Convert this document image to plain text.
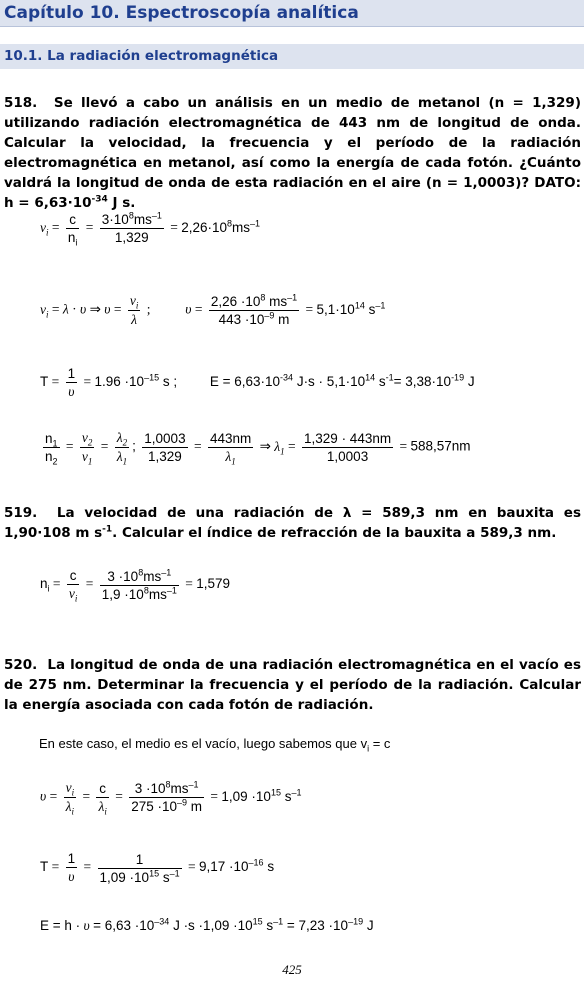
Capítulo 10. Espectroscopía analítica
10.1. La radiación electromagnética
518. Se llevó a cabo un análisis en un medio de metanol (n = 1,329) utilizando radiación electromagnética de 443 nm de longitud de onda. Calcular la velocidad, la frecuencia y el período de la radiación electromagnética en metanol, así como la energía de cada fotón. ¿Cuánto valdrá la longitud de onda de esta radiación en el aire (n = 1,0003)? DATO: $h = 6,63\cdot 10^{-34}$ J s.
$v_i = \frac{c}{n_i} = \frac{3\cdot 10^8ms^{-1}}{1,329} = 2,26\cdot 10^8ms^{-1}$
$v_i = \lambda \cdot \upsilon$ ⇒ $\upsilon = \frac{v_i}{\lambda}$ ;  $\upsilon = \frac{2,26 \cdot 10^8 ms^{-1}}{443 \cdot 10^{-9} m} = 5,1\cdot 10^{14}$ $s^{-1}$
$T = \frac{1}{\upsilon} = 1.96 \cdot 10^{-15}$ s ; $E = 6,63\cdot 10^{-34}$ $J\cdot s \cdot 5,1\cdot 10^{14}$ $s^{-1}= 3,38\cdot 10^{-19}$ J
$\frac{n_1}{n_2} = \frac{v_2}{v_1} = \frac{\lambda_2}{\lambda_1}$ ; $\frac{1,0003}{1,329} = \frac{443nm}{\lambda_1}$ ⇒ $\lambda_1 = \frac{1,329 \cdot 443nm}{1,0003} = 588,57nm$
519. La velocidad de una radiación de λ = 589,3 nm en bauxita es 1,90·108 m $s^{-1}$. Calcular el índice de refracción de la bauxita a 589,3 nm.
$n_i = \frac{c}{v_i} = \frac{3 \cdot 10^8ms^{-1}}{1,9 \cdot 10^8ms^{-1}} = 1,579$
520. La longitud de onda de una radiación electromagnética en el vacío es de 275 nm. Determinar la frecuencia y el período de la radiación. Calcular la energía asociada con cada fotón de radiación.
En este caso, el medio es el vacío, luego sabemos que $v_i = c$
$\upsilon = \frac{v_i}{\lambda_i} = \frac{c}{\lambda_i} = \frac{3 \cdot 10^8ms^{-1}}{275 \cdot 10^{-9} m} = 1,09 \cdot 10^{15}$ $s^{-1}$
$T = \frac{1}{\upsilon} = \frac{1}{1,09 \cdot 10^{15} s^{-1}} = 9,17 \cdot 10^{-16}$ s
$E = h \cdot \upsilon = 6,63 \cdot 10^{-34}$ $J \cdot s \cdot 1,09 \cdot 10^{15}$ $s^{-1} = 7,23 \cdot 10^{-19}$ J
425
